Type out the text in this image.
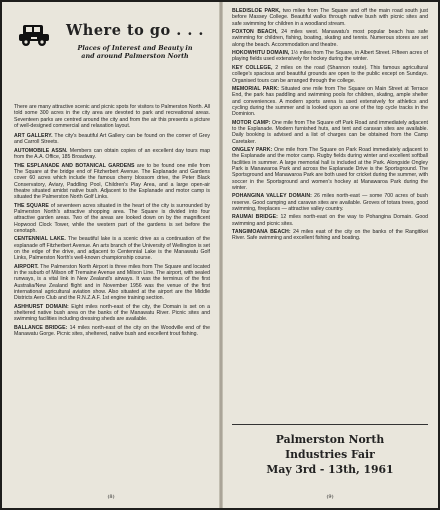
Where to go . . .
Places of Interest and Beauty in
and around Palmerston North

There are many attractive scenic and picnic spots for visitors to Palmerston North. All told some 300 acres in the city area are devoted to park and recreational areas. Seventeen parks are centred around the city and from the air this presents a picture of well-designed commercial and relaxation layout.

ART GALLERY. The city's beautiful Art Gallery can be found on the corner of Grey and Carroll Streets.

AUTOMOBILE ASSN. Members can obtain copies of an excellent day tours map from the A.A. Office, 185 Broadway.

THE ESPLANADE AND BOTANICAL GARDENS are to be found one mile from The Square at the bridge end of Fitzherbert Avenue. The Esplanade and Gardens cover 60 acres which include the famous cherry blossom drive, the Peter Black Conservatory, Aviary, Paddling Pool, Children's Play Area, and a large open-air theatre situated amidst native bush. Adjacent to the Esplanade and motor camp is situated the Palmerston North Golf Links.

THE SQUARE of seventeen acres situated in the heart of the city is surrounded by Palmerston North's attractive shopping area. The Square is divided into four attractive garden areas. Two of the areas are looked down on by the magnificent Hopwood Clock Tower, while the western part of the gardens is set before the cenotaph.

CENTENNIAL LAKE. The beautiful lake is a scenic drive as a continuation of the esplanade off Fitzherbert Avenue. An arts branch of the University of Wellington is set on the edge of the drive, and adjacent to Centennial Lake is the Manawatu Golf Links, Palmerston North's well-known championship course.

AIRPORT. The Palmerston North Airport is three miles from The Square and located in the suburb of Milson off Tremaine Avenue and Milson Line. The airport, with sealed runways, is a vital link in New Zealand's airways. It was the terminus of the first Australia/New Zealand flight and in November 1956 was the venue of the first international agricultural aviation show. Also situated at the airport are the Middle Districts Aero Club and the R.N.Z.A.F. 1st engine training section.

ASHHURST DOMAIN: Eight miles north-east of the city, the Domain is set on a sheltered native bush area on the banks of the Manawatu River. Picnic sites and swimming facilities including dressing sheds are available.

BALLANCE BRIDGE: 14 miles north-east of the city on the Woodville end of the Manawatu Gorge. Picnic sites, sheltered, native bush and excellent trout fishing.

(8)

BLEDISLOE PARK, two miles from The Square and off the main road south just before Massey College. Beautiful walks through native bush with picnic sites and safe swimming for children in a woodland stream.

FOXTON BEACH, 24 miles west. Manawatu's most popular beach has safe swimming for children, fishing, boating, skating and tennis. Numerous stores are set along the beach. Accommodation and theatre.

HOKOWHITU DOMAIN, 1½ miles from The Square, in Albert Street. Fifteen acres of playing fields used extensively for hockey during the winter.

KEY COLLEGE, 2 miles on the road (Shannon route). This famous agricultural college's spacious and beautiful grounds are open to the public except on Sundays. Organised tours can be arranged through the college.

MEMORIAL PARK: Situated one mile from The Square on Main Street at Terrace End, the park has paddling and swimming pools for children, skating, ample shelter and conveniences. A modern sports arena is used extensively for athletics and cycling during the summer and is looked upon as one of the top cycle tracks in the Dominion.

MOTOR CAMP: One mile from The Square off Park Road and immediately adjacent to the Esplanade. Modern furnished huts, and tent and caravan sites are available. Daily booking is advised and a list of charges can be obtained from the Camp Caretaker.

ONGLEY PARK: One mile from The Square on Park Road immediately adjacent to the Esplanade and the motor camp. Rugby fields during winter and excellent softball facilities in summer. A large memorial hall is included at the Park. Alongside Ongley Park is Manawaroa Park and across the Esplanade Drive is the Sportsground. The Sportsground and Manawaroa Park are both used for cricket during the summer, with soccer in the Sportsground and women's hockey at Manawaroa Park during the winter.

POHANGINA VALLEY DOMAIN: 26 miles north-east — some 700 acres of bush reserve. Good camping and caravan sites are available. Groves of totara trees, good swimming, fireplaces — attractive valley country.

RAUMAI BRIDGE: 12 miles north-east on the way to Pohangina Domain. Good swimming and picnic sites.

TANGIMOANA BEACH: 24 miles east of the city on the banks of the Rangitikei River. Safe swimming and excellent fishing and boating.

Palmerston North
Industries Fair
May 3rd - 13th, 1961
(9)
